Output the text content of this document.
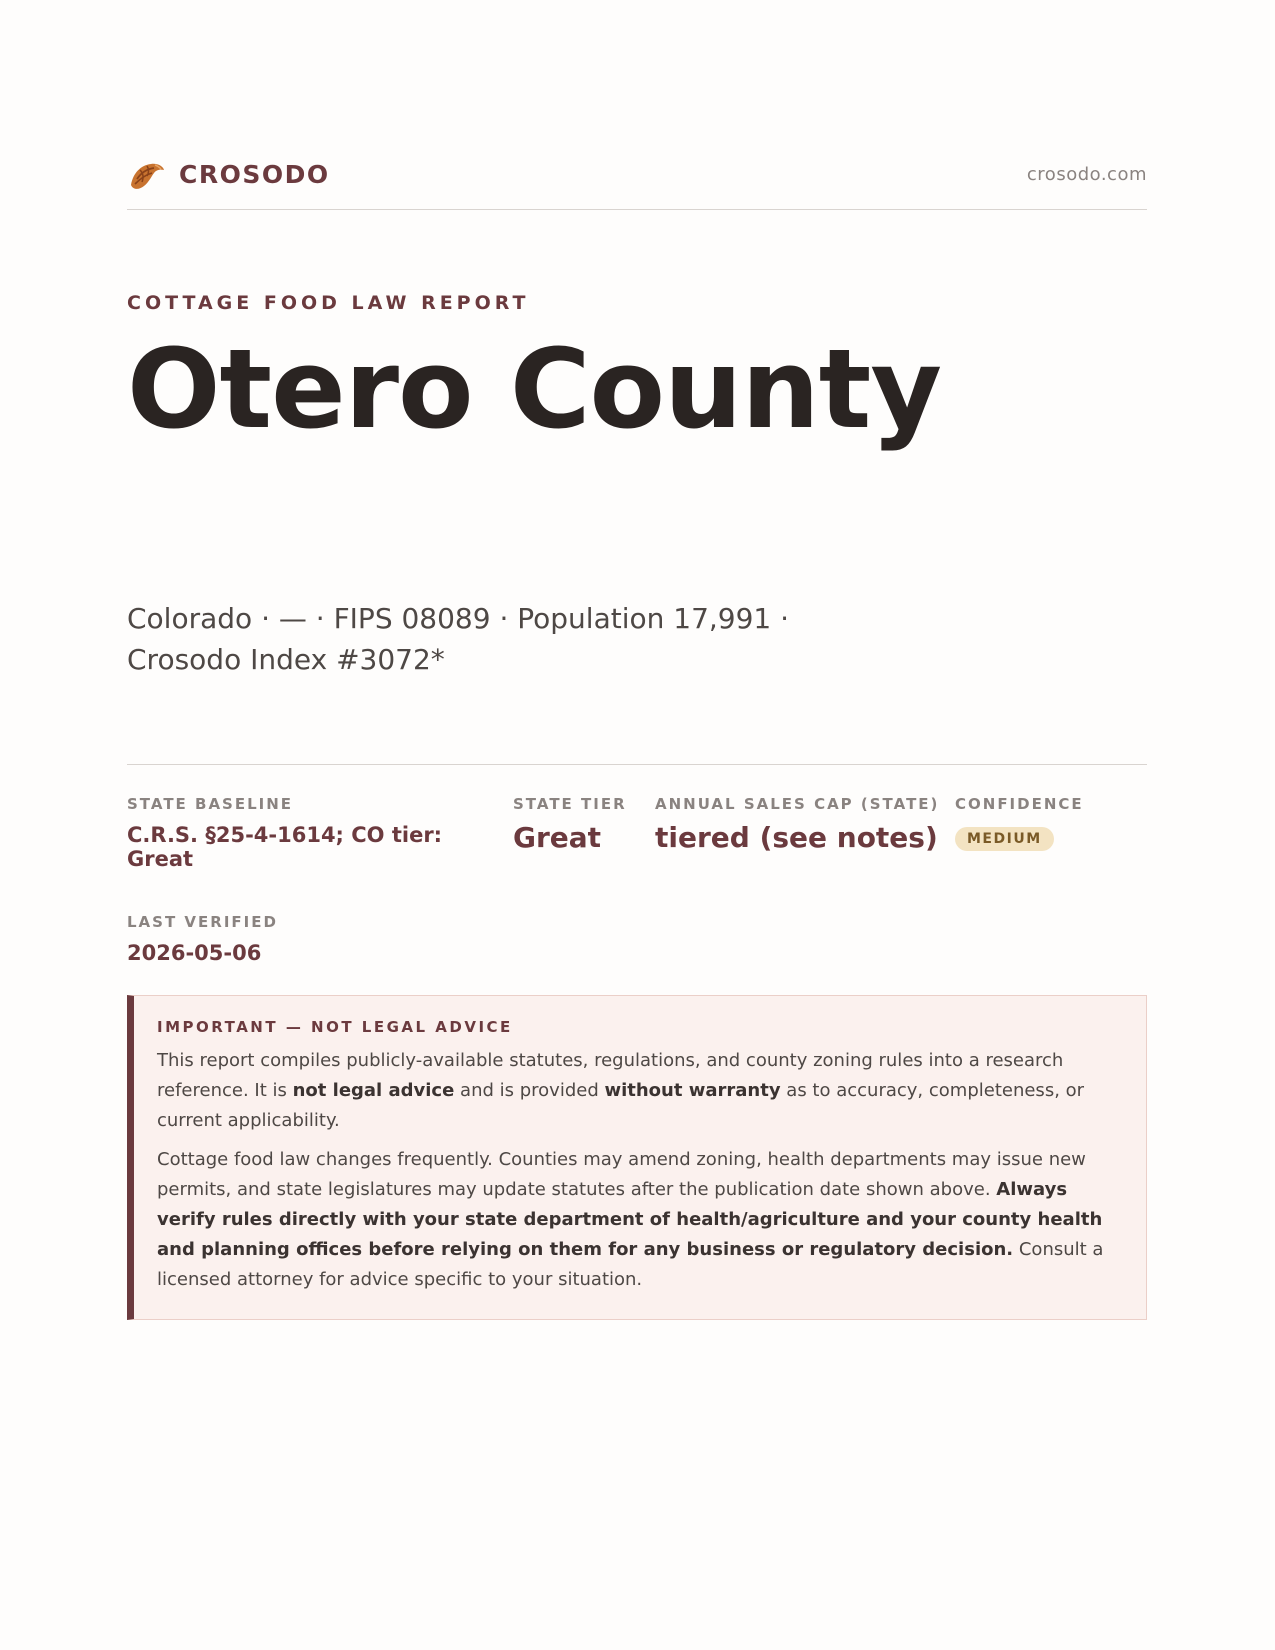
CROSODO	crosodo.com
COTTAGE FOOD LAW REPORT
Otero County
Colorado · — · FIPS 08089 · Population 17,991 · Crosodo Index #3072*
STATE BASELINE
C.R.S. §25-4-1614; CO tier: Great
STATE TIER
Great
ANNUAL SALES CAP (STATE)
tiered (see notes)
CONFIDENCE
MEDIUM
LAST VERIFIED
2026-05-06
IMPORTANT — NOT LEGAL ADVICE

This report compiles publicly-available statutes, regulations, and county zoning rules into a research reference. It is not legal advice and is provided without warranty as to accuracy, completeness, or current applicability.

Cottage food law changes frequently. Counties may amend zoning, health departments may issue new permits, and state legislatures may update statutes after the publication date shown above. Always verify rules directly with your state department of health/agriculture and your county health and planning offices before relying on them for any business or regulatory decision. Consult a licensed attorney for advice specific to your situation.
